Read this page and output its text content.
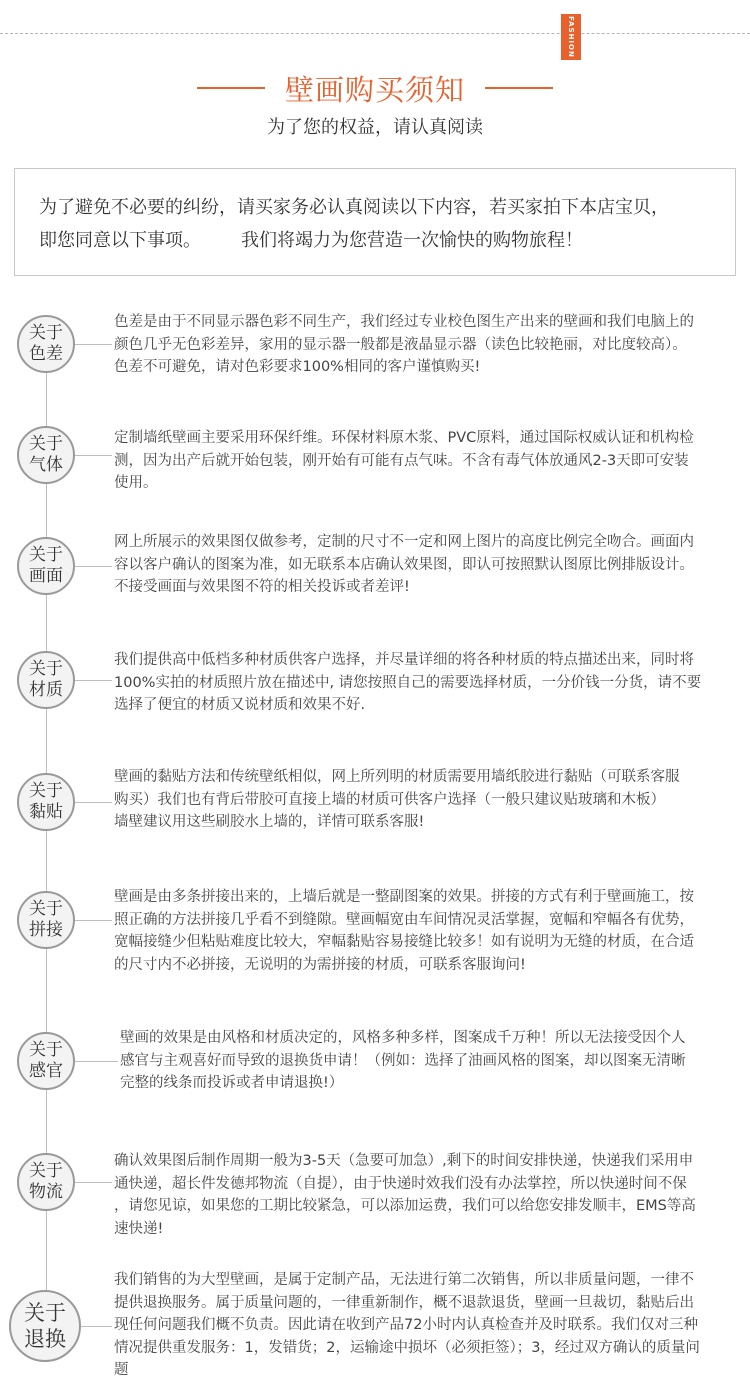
FASHION
壁画购买须知
为了您的权益，请认真阅读
为了避免不必要的纠纷，请买家务必认真阅读以下内容，若买家拍下本店宝贝，
即您同意以下事项。 我们将竭力为您营造一次愉快的购物旅程！
关于
色差
色差是由于不同显示器色彩不同生产，我们经过专业校色图生产出来的壁画和我们电脑上的
颜色几乎无色彩差异，家用的显示器一般都是液晶显示器（读色比较艳丽，对比度较高）。
色差不可避免，请对色彩要求100%相同的客户谨慎购买!
关于
气体
定制墙纸壁画主要采用环保纤维。环保材料原木浆、PVC原料，通过国际权威认证和机构检
测，因为出产后就开始包装，刚开始有可能有点气味。不含有毒气体放通风2-3天即可安装
使用。
关于
画面
网上所展示的效果图仅做参考，定制的尺寸不一定和网上图片的高度比例完全吻合。画面内
容以客户确认的图案为准，如无联系本店确认效果图，即认可按照默认图原比例排版设计。
不接受画面与效果图不符的相关投诉或者差评!
关于
材质
我们提供高中低档多种材质供客户选择，并尽量详细的将各种材质的特点描述出来，同时将
100%实拍的材质照片放在描述中, 请您按照自己的需要选择材质，一分价钱一分货，请不要
选择了便宜的材质又说材质和效果不好.
关于
黏贴
壁画的黏贴方法和传统壁纸相似，网上所列明的材质需要用墙纸胶进行黏贴（可联系客服
购买）我们也有背后带胶可直接上墙的材质可供客户选择（一般只建议贴玻璃和木板）
墙壁建议用这些刷胶水上墙的，详情可联系客服!
关于
拼接
壁画是由多条拼接出来的，上墙后就是一整副图案的效果。拼接的方式有利于壁画施工，按
照正确的方法拼接几乎看不到缝隙。壁画幅宽由车间情况灵活掌握，宽幅和窄幅各有优势，
宽幅接缝少但粘贴难度比较大，窄幅黏贴容易接缝比较多！如有说明为无缝的材质，在合适
的尺寸内不必拼接，无说明的为需拼接的材质，可联系客服询问!
关于
感官
壁画的效果是由风格和材质决定的，风格多种多样，图案成千万种！所以无法接受因个人
感官与主观喜好而导致的退换货申请！（例如：选择了油画风格的图案，却以图案无清晰
完整的线条而投诉或者申请退换!）
关于
物流
确认效果图后制作周期一般为3-5天（急要可加急）,剩下的时间安排快递，快递我们采用申
通快递，超长件发德邦物流（自提），由于快递时效我们没有办法掌控，所以快递时间不保
，请您见谅，如果您的工期比较紧急，可以添加运费，我们可以给您安排发顺丰，EMS等高
速快递!
关于
退换
我们销售的为大型壁画，是属于定制产品，无法进行第二次销售，所以非质量问题，一律不
提供退换服务。属于质量问题的，一律重新制作，概不退款退货，壁画一旦裁切，黏贴后出
现任何问题我们概不负责。因此请在收到产品72小时内认真检查并及时联系。我们仅对三种
情况提供重发服务：1，发错货；2，运输途中损坏（必须拒签）；3，经过双方确认的质量问
题
